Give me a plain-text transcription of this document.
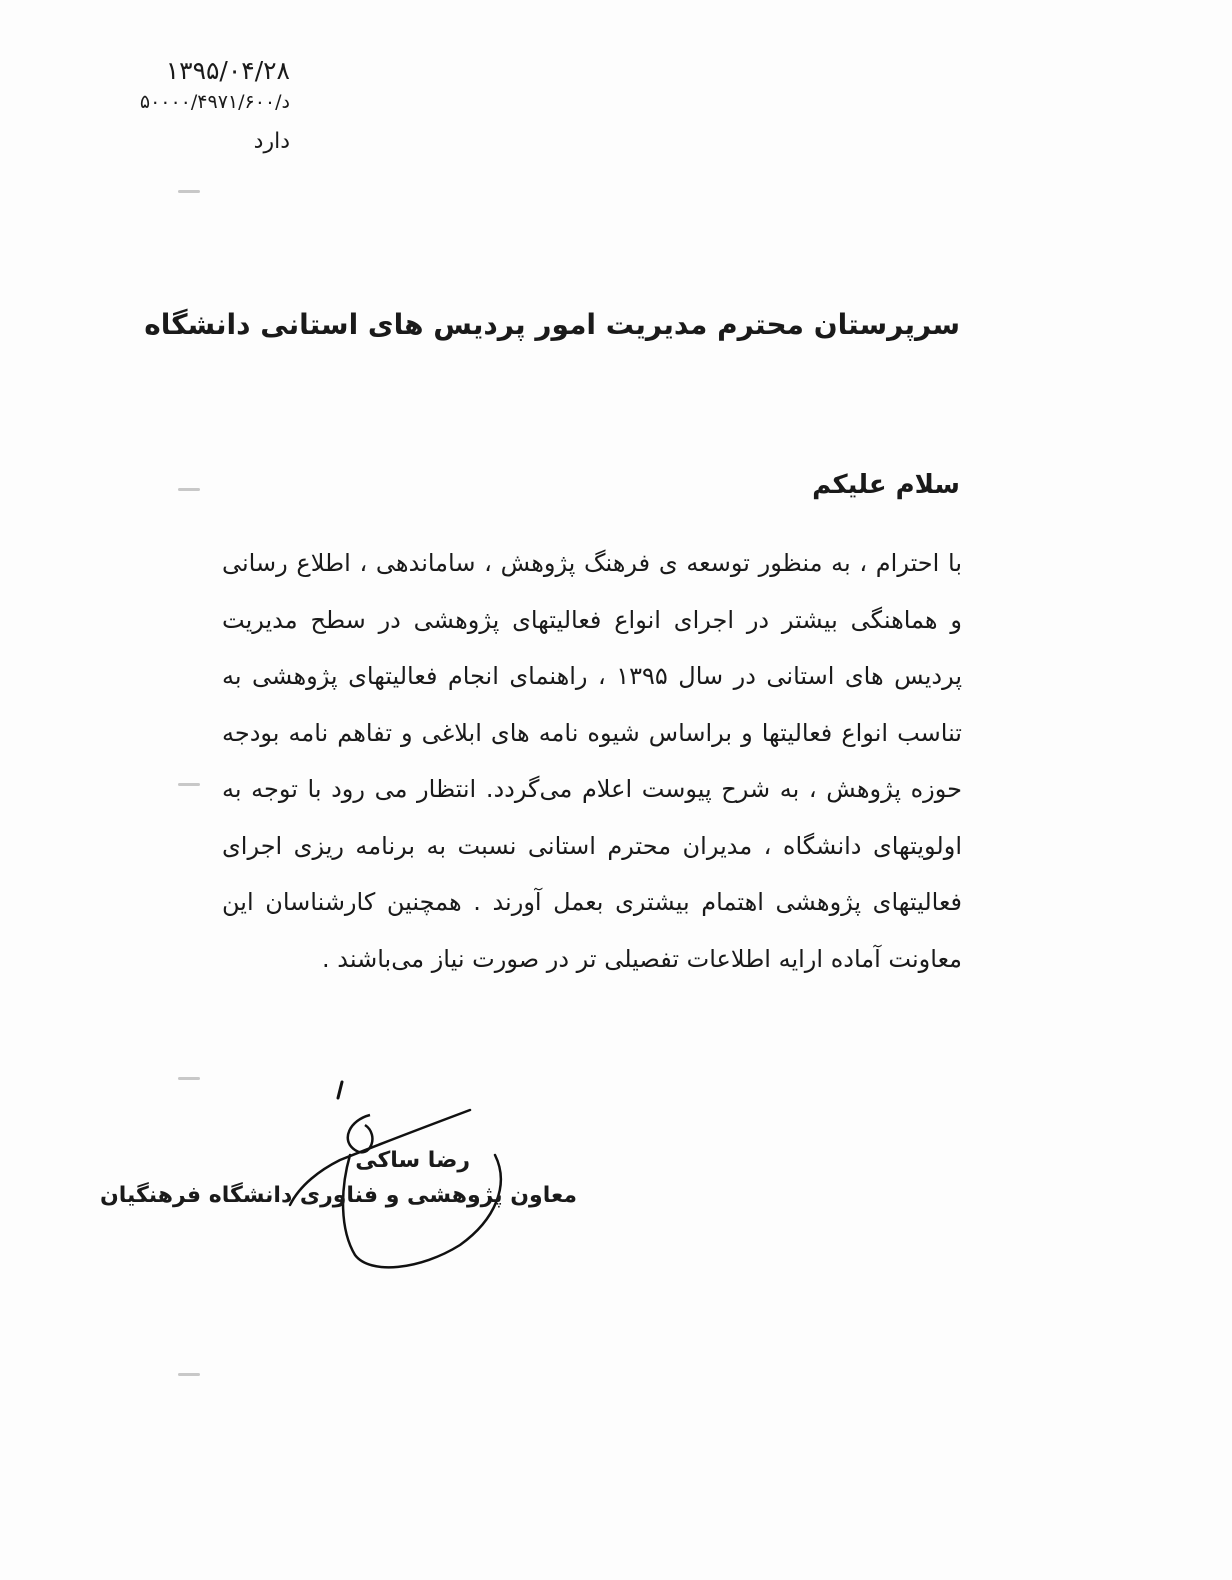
۱۳۹۵/۰۴/۲۸
د/۵۰۰۰۰/۴۹۷۱/۶۰۰
دارد
سرپرستان محترم مدیریت امور پردیس های استانی دانشگاه
سلام علیکم
با احترام ، به منظور توسعه ی فرهنگ پژوهش ، ساماندهی ، اطلاع رسانی و هماهنگی بیشتر در اجرای انواع فعالیتهای پژوهشی در سطح مدیریت پردیس های استانی در سال ۱۳۹۵ ، راهنمای انجام فعالیتهای پژوهشی به تناسب انواع فعالیتها و براساس شیوه نامه های ابلاغی و تفاهم نامه بودجه حوزه پژوهش ، به شرح پیوست اعلام می‌گردد. انتظار می رود با توجه به اولویتهای دانشگاه ، مدیران محترم استانی نسبت به برنامه ریزی اجرای فعالیتهای پژوهشی اهتمام بیشتری بعمل آورند . همچنین کارشناسان این معاونت آماده ارایه اطلاعات تفصیلی تر در صورت نیاز می‌باشند .
رضا ساکی
معاون پژوهشی و فناوری دانشگاه فرهنگیان
